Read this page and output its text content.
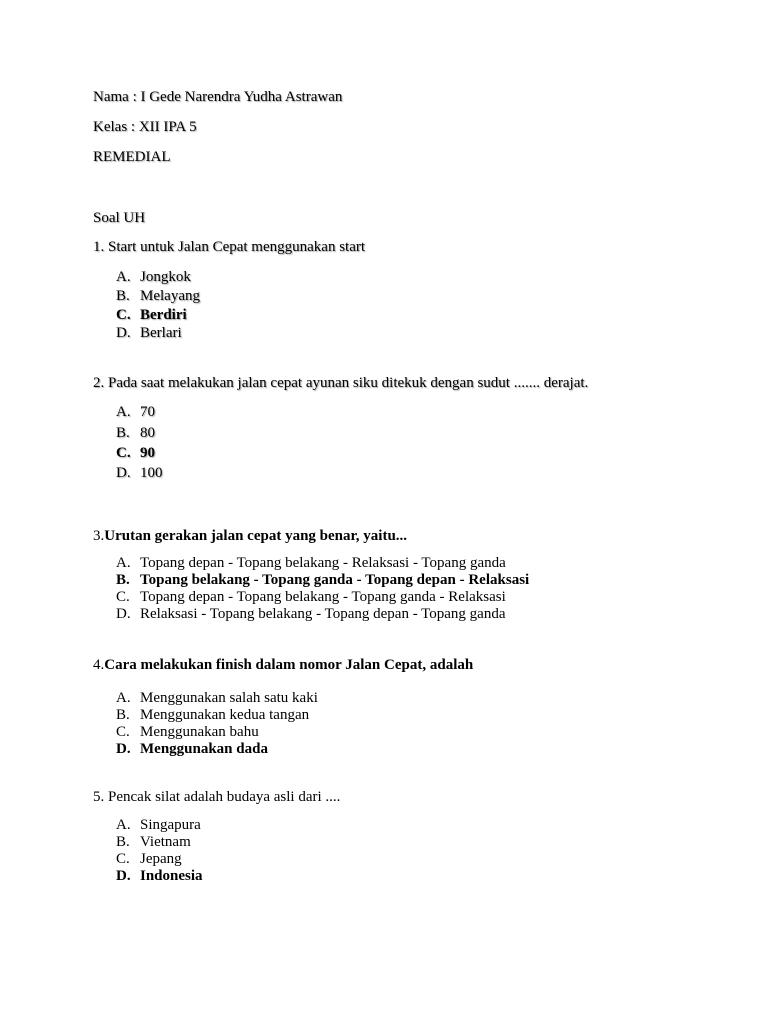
Nama : I Gede Narendra Yudha Astrawan
Kelas : XII IPA 5
REMEDIAL
Soal UH
1. Start untuk Jalan Cepat menggunakan start
A. Jongkok
B. Melayang
C. Berdiri
D. Berlari
2. Pada saat melakukan jalan cepat ayunan siku ditekuk dengan sudut ....... derajat.
A. 70
B. 80
C. 90
D. 100
3.Urutan gerakan jalan cepat yang benar, yaitu...
A. Topang depan - Topang belakang - Relaksasi - Topang ganda
B. Topang belakang - Topang ganda - Topang depan - Relaksasi
C. Topang depan - Topang belakang - Topang ganda - Relaksasi
D. Relaksasi - Topang belakang - Topang depan - Topang ganda
4.Cara melakukan finish dalam nomor Jalan Cepat, adalah
A. Menggunakan salah satu kaki
B. Menggunakan kedua tangan
C. Menggunakan bahu
D. Menggunakan dada
5. Pencak silat adalah budaya asli dari ....
A. Singapura
B. Vietnam
C. Jepang
D. Indonesia
